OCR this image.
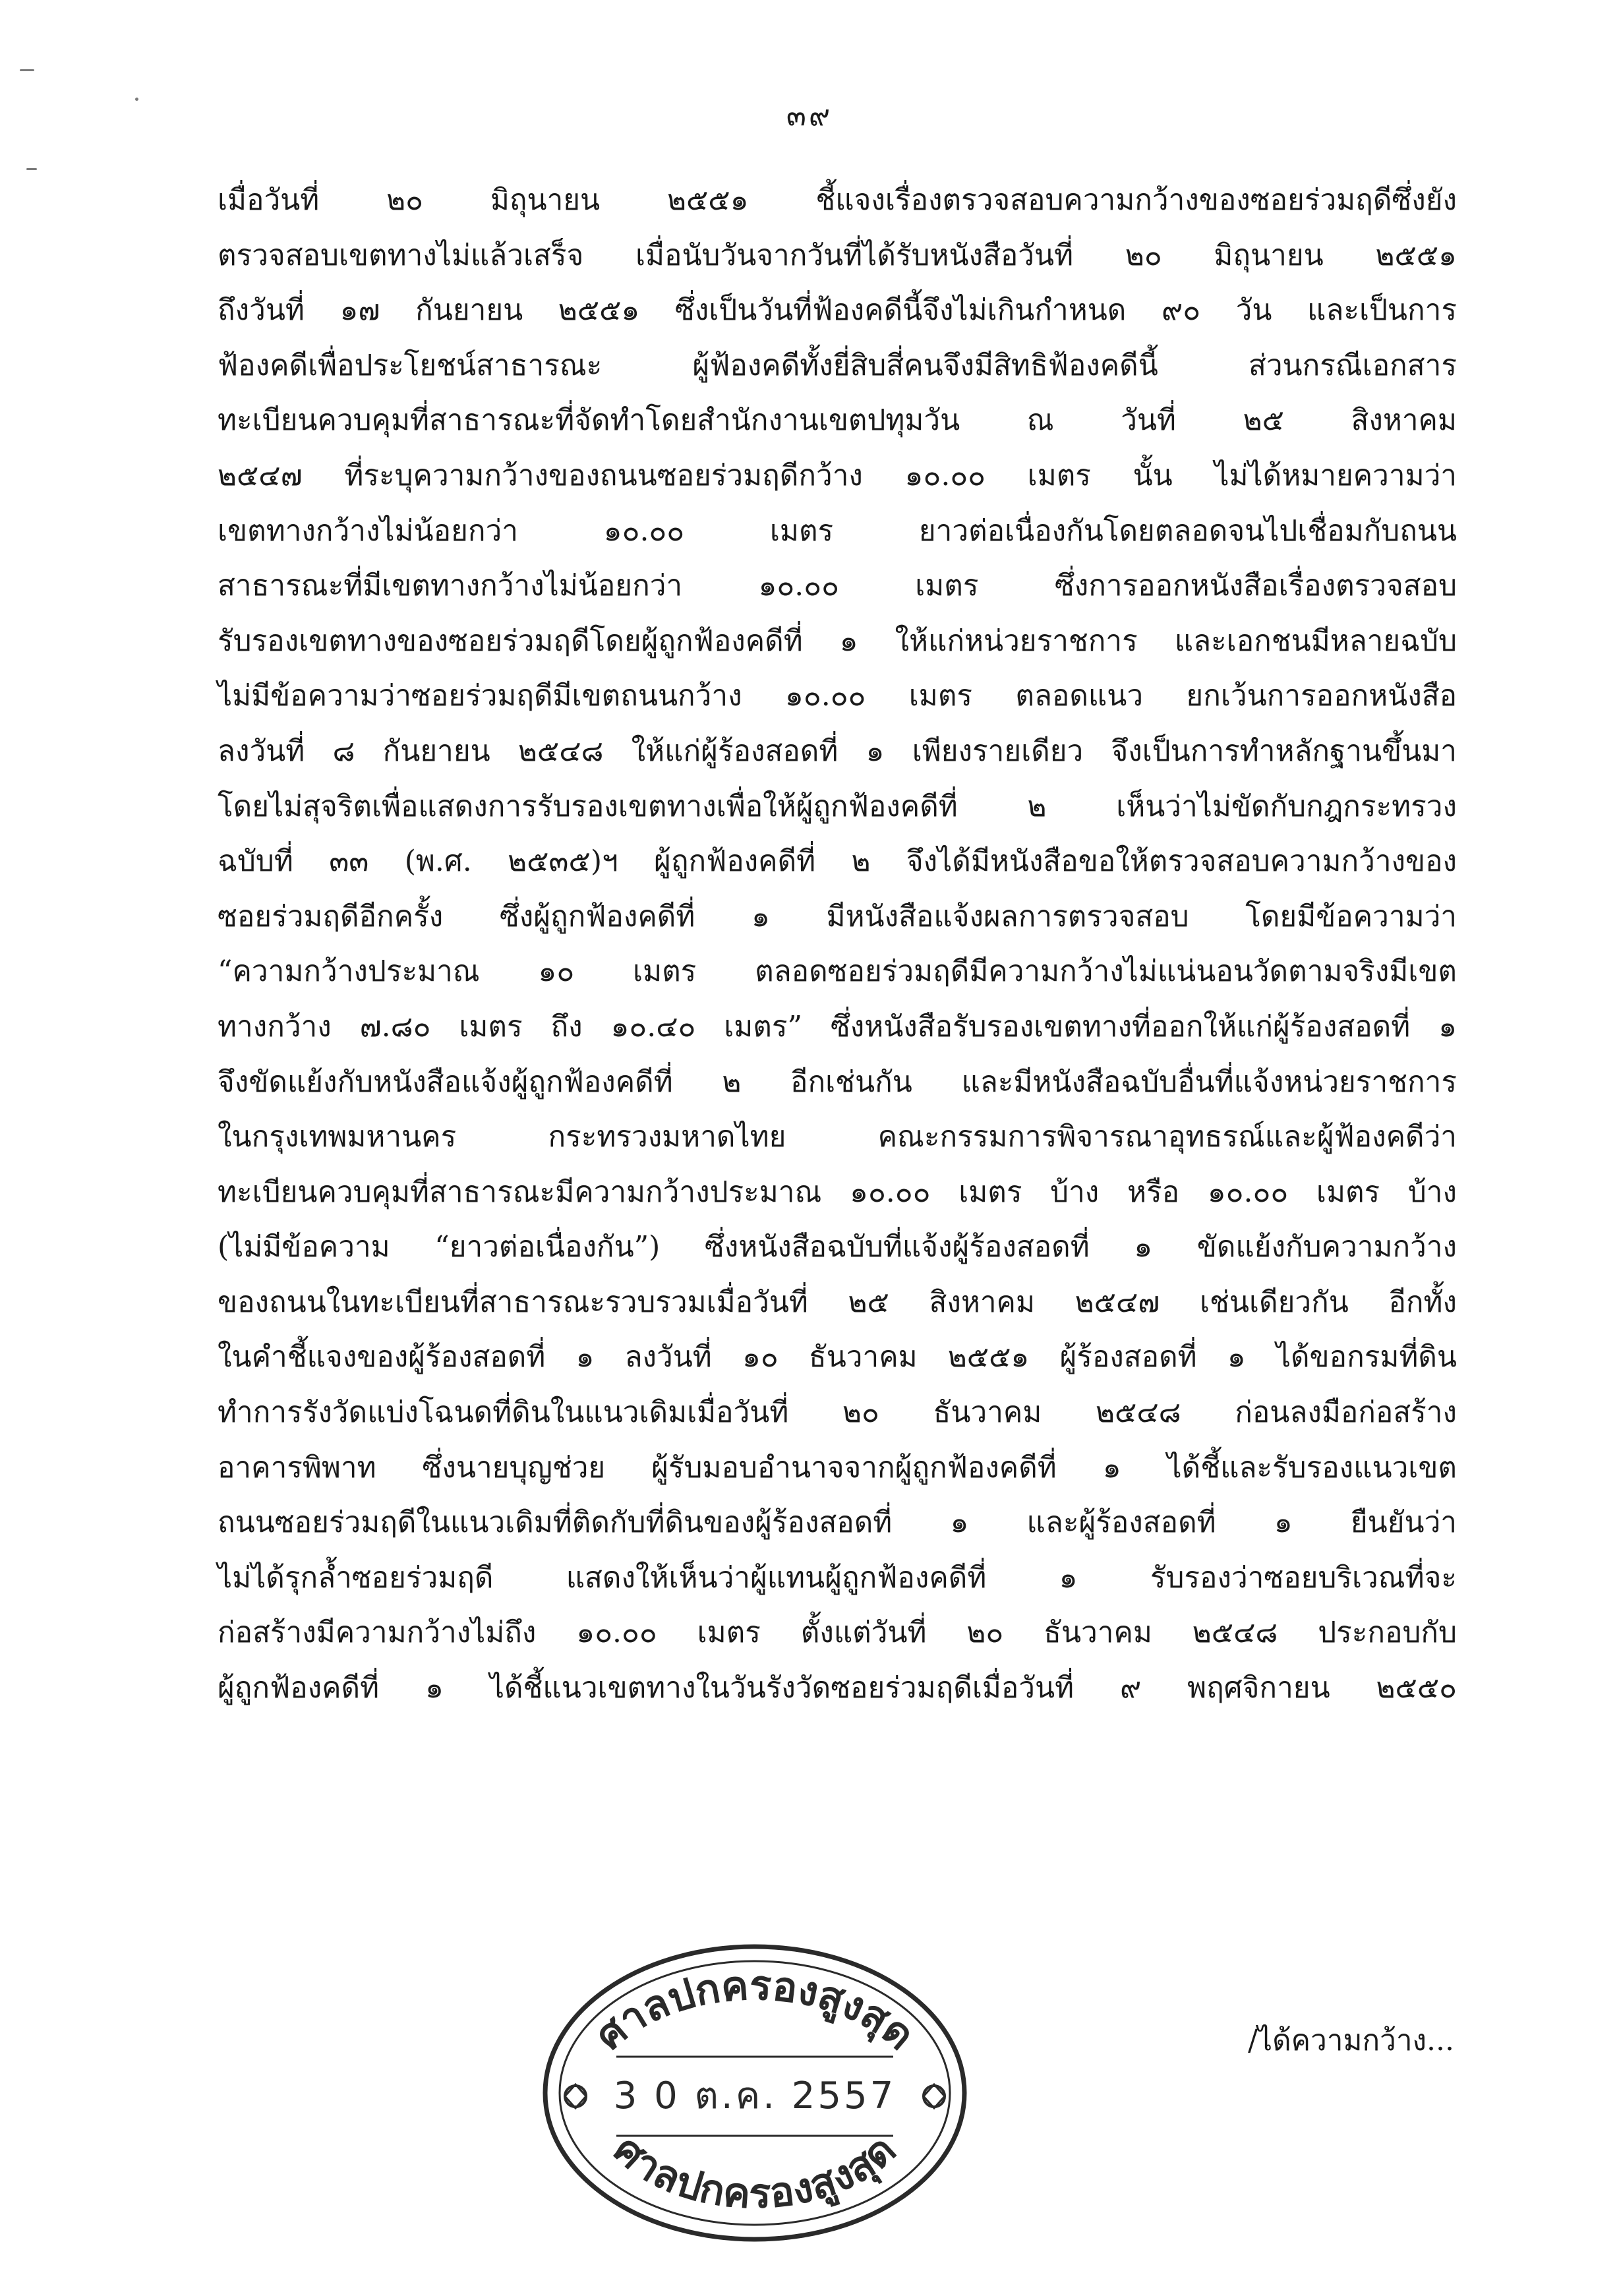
๓๙
เมื่อวันที่ ๒๐ มิถุนายน ๒๕๕๑ ชี้แจงเรื่องตรวจสอบความกว้างของซอยร่วมฤดีซึ่งยัง
ตรวจสอบเขตทางไม่แล้วเสร็จ เมื่อนับวันจากวันที่ได้รับหนังสือวันที่ ๒๐ มิถุนายน ๒๕๕๑
ถึงวันที่ ๑๗ กันยายน ๒๕๕๑ ซึ่งเป็นวันที่ฟ้องคดีนี้จึงไม่เกินกำหนด ๙๐ วัน และเป็นการ
ฟ้องคดีเพื่อประโยชน์สาธารณะ ผู้ฟ้องคดีทั้งยี่สิบสี่คนจึงมีสิทธิฟ้องคดีนี้ ส่วนกรณีเอกสาร
ทะเบียนควบคุมที่สาธารณะที่จัดทำโดยสำนักงานเขตปทุมวัน ณ วันที่ ๒๕ สิงหาคม
๒๕๔๗ ที่ระบุความกว้างของถนนซอยร่วมฤดีกว้าง ๑๐.๐๐ เมตร นั้น ไม่ได้หมายความว่า
เขตทางกว้างไม่น้อยกว่า ๑๐.๐๐ เมตร ยาวต่อเนื่องกันโดยตลอดจนไปเชื่อมกับถนน
สาธารณะที่มีเขตทางกว้างไม่น้อยกว่า ๑๐.๐๐ เมตร ซึ่งการออกหนังสือเรื่องตรวจสอบ
รับรองเขตทางของซอยร่วมฤดีโดยผู้ถูกฟ้องคดีที่ ๑ ให้แก่หน่วยราชการ และเอกชนมีหลายฉบับ
ไม่มีข้อความว่าซอยร่วมฤดีมีเขตถนนกว้าง ๑๐.๐๐ เมตร ตลอดแนว ยกเว้นการออกหนังสือ
ลงวันที่ ๘ กันยายน ๒๕๔๘ ให้แก่ผู้ร้องสอดที่ ๑ เพียงรายเดียว จึงเป็นการทำหลักฐานขึ้นมา
โดยไม่สุจริตเพื่อแสดงการรับรองเขตทางเพื่อให้ผู้ถูกฟ้องคดีที่ ๒ เห็นว่าไม่ขัดกับกฎกระทรวง
ฉบับที่ ๓๓ (พ.ศ. ๒๕๓๕)ฯ ผู้ถูกฟ้องคดีที่ ๒ จึงได้มีหนังสือขอให้ตรวจสอบความกว้างของ
ซอยร่วมฤดีอีกครั้ง ซึ่งผู้ถูกฟ้องคดีที่ ๑ มีหนังสือแจ้งผลการตรวจสอบ โดยมีข้อความว่า
“ความกว้างประมาณ ๑๐ เมตร ตลอดซอยร่วมฤดีมีความกว้างไม่แน่นอนวัดตามจริงมีเขต
ทางกว้าง ๗.๘๐ เมตร ถึง ๑๐.๔๐ เมตร” ซึ่งหนังสือรับรองเขตทางที่ออกให้แก่ผู้ร้องสอดที่ ๑
จึงขัดแย้งกับหนังสือแจ้งผู้ถูกฟ้องคดีที่ ๒ อีกเช่นกัน และมีหนังสือฉบับอื่นที่แจ้งหน่วยราชการ
ในกรุงเทพมหานคร กระทรวงมหาดไทย คณะกรรมการพิจารณาอุทธรณ์และผู้ฟ้องคดีว่า
ทะเบียนควบคุมที่สาธารณะมีความกว้างประมาณ ๑๐.๐๐ เมตร บ้าง หรือ ๑๐.๐๐ เมตร บ้าง
(ไม่มีข้อความ “ยาวต่อเนื่องกัน”) ซึ่งหนังสือฉบับที่แจ้งผู้ร้องสอดที่ ๑ ขัดแย้งกับความกว้าง
ของถนนในทะเบียนที่สาธารณะรวบรวมเมื่อวันที่ ๒๕ สิงหาคม ๒๕๔๗ เช่นเดียวกัน อีกทั้ง
ในคำชี้แจงของผู้ร้องสอดที่ ๑ ลงวันที่ ๑๐ ธันวาคม ๒๕๕๑ ผู้ร้องสอดที่ ๑ ได้ขอกรมที่ดิน
ทำการรังวัดแบ่งโฉนดที่ดินในแนวเดิมเมื่อวันที่ ๒๐ ธันวาคม ๒๕๔๘ ก่อนลงมือก่อสร้าง
อาคารพิพาท ซึ่งนายบุญช่วย ผู้รับมอบอำนาจจากผู้ถูกฟ้องคดีที่ ๑ ได้ชี้และรับรองแนวเขต
ถนนซอยร่วมฤดีในแนวเดิมที่ติดกับที่ดินของผู้ร้องสอดที่ ๑ และผู้ร้องสอดที่ ๑ ยืนยันว่า
ไม่ได้รุกล้ำซอยร่วมฤดี แสดงให้เห็นว่าผู้แทนผู้ถูกฟ้องคดีที่ ๑ รับรองว่าซอยบริเวณที่จะ
ก่อสร้างมีความกว้างไม่ถึง ๑๐.๐๐ เมตร ตั้งแต่วันที่ ๒๐ ธันวาคม ๒๕๔๘ ประกอบกับ
ผู้ถูกฟ้องคดีที่ ๑ ได้ชี้แนวเขตทางในวันรังวัดซอยร่วมฤดีเมื่อวันที่ ๙ พฤศจิกายน ๒๕๕๐
ศาลปกครองสูงสุด
ศาลปกครองสูงสุด
3 0 ต.ค. 2557
/ได้ความกว้าง...
